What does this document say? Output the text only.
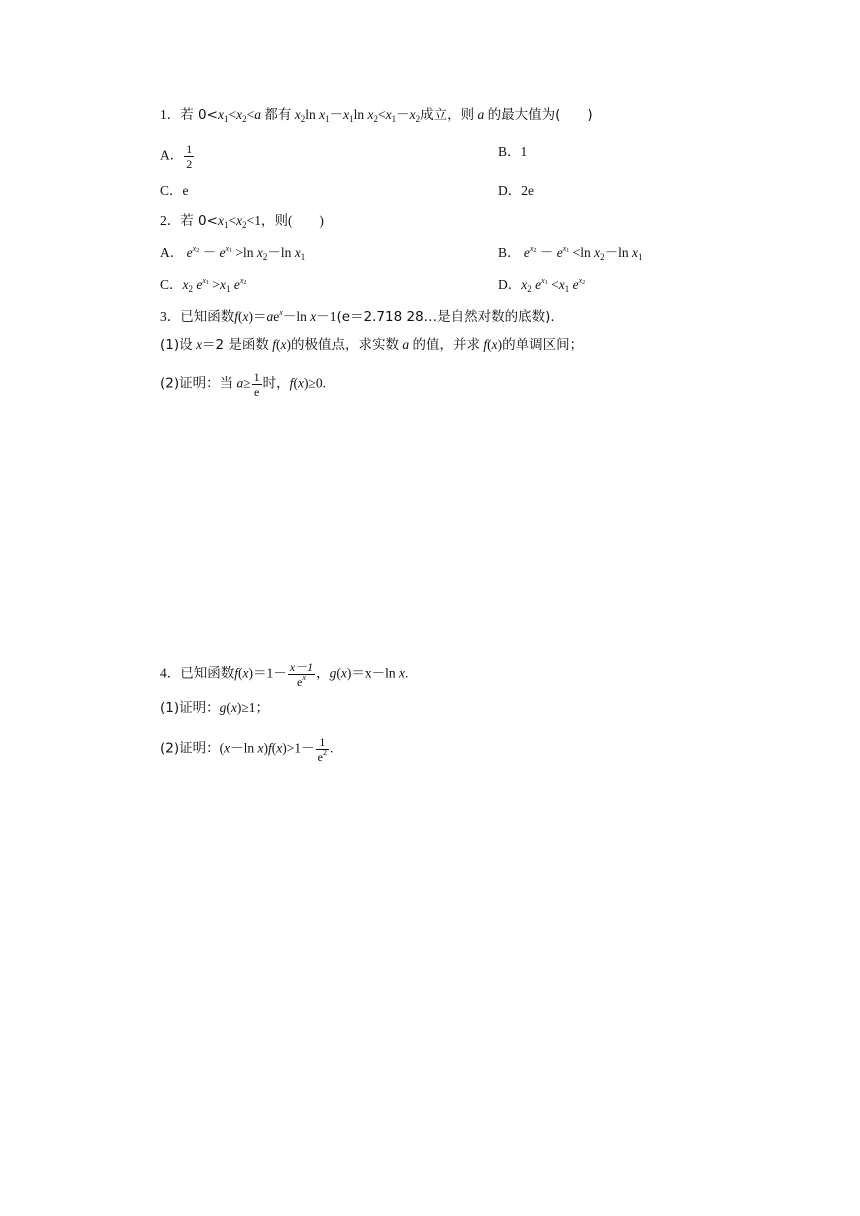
1．若 $0<x_1<x_2<a$ 都有 $x_2\ln$ $x_1-x_1\ln$ $x_2<x_1-x_2$成立，则 a 的最大值为(　　)
A． $\frac{1}{2}$	B．1
C．e	D．2e
2．若 $0<x_1<x_2<1$，则(　　)
A． $e^{x_2} - e^{x_1} >\ln$ $x_2-\ln$ $x_1$	B． $e^{x_2} - e^{x_1} <\ln$ $x_2-\ln$ $x_1$
C．$x_2$ $e^{x_1} >x_1$ $e^{x_2}$	D．$x_2$ $e^{x_1} <x_1$ $e^{x_2}$
3．已知函数$f(x)=ae^x-\ln$ x－1(e＝2.718 28…是自然对数的底数).
(1)设 x＝2 是函数 f(x)的极值点，求实数 a 的值，并求 f(x)的单调区间；
(2)证明：当 $a\ge \frac{1}{e}$ 时，f(x)≥0.
4．已知函数$f(x)=1- \frac{x-1}{e^x}$ ，g(x)＝x－ln x.
(1)证明：g(x)≥1；
(2)证明：(x－ln $x)f(x)>1- \frac{1}{e^2}$ .
